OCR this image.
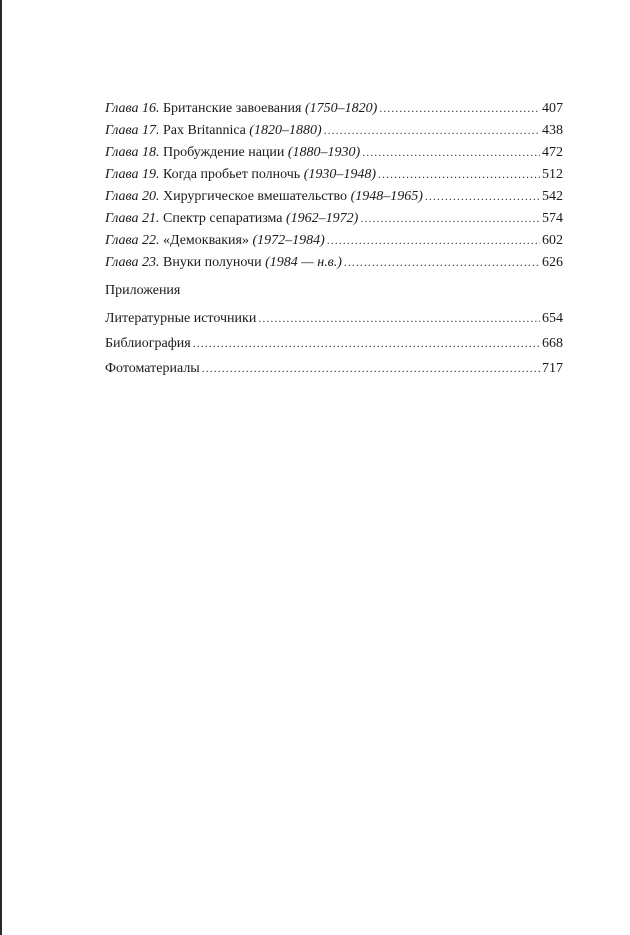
Глава 16. Британские завоевания (1750–1820) .....	407
Глава 17. Pax Britannica (1820–1880) .....	438
Глава 18. Пробуждение нации (1880–1930) .....	472
Глава 19. Когда пробьет полночь (1930–1948) .....	512
Глава 20. Хирургическое вмешательство (1948–1965) .....	542
Глава 21. Спектр сепаратизма (1962–1972) .....	574
Глава 22. «Демоквакия» (1972–1984) .....	602
Глава 23. Внуки полуночи (1984 — н.в.) .....	626
Приложения
Литературные источники .....	654
Библиография .....	668
Фотоматериалы .....	717
